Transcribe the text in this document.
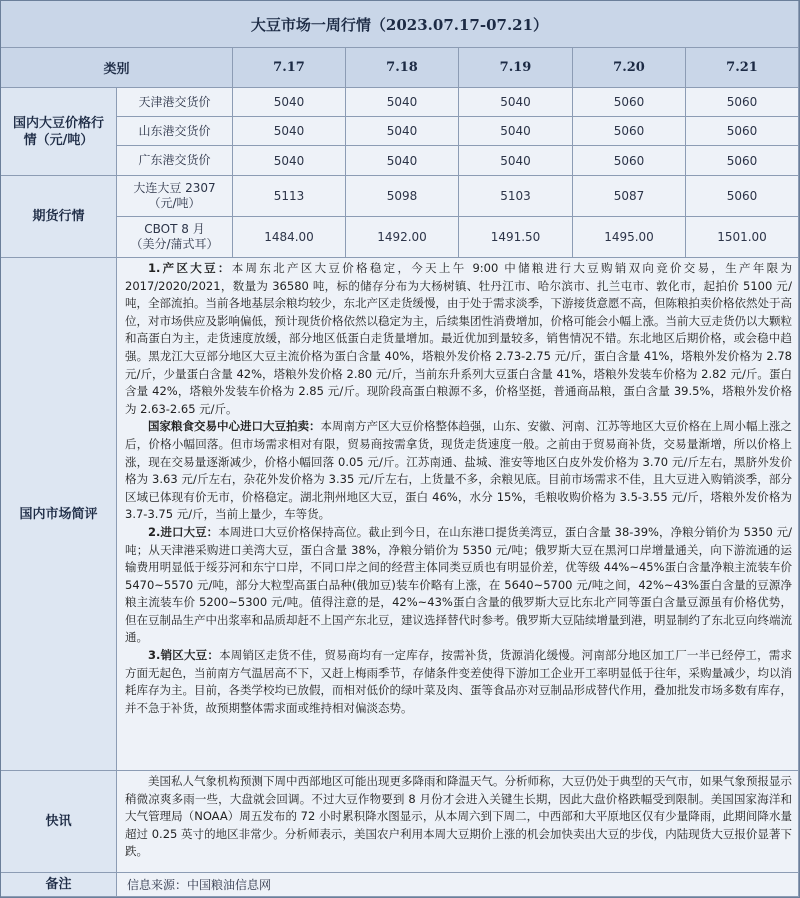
大豆市场一周行情（2023.07.17-07.21）
类别	7.17	7.18	7.19	7.20	7.21
国内大豆价格行情（元/吨）
天津港交货价	5040	5040	5040	5060	5060
山东港交货价	5040	5040	5040	5060	5060
广东港交货价	5040	5040	5040	5060	5060
期货行情
大连大豆 2307
（元/吨）	5113	5098	5103	5087	5060
CBOT 8 月
（美分/蒲式耳）	1484.00	1492.00	1491.50	1495.00	1501.00
国内市场简评

1.产区大豆：本周东北产区大豆价格稳定，今天上午 9:00 中储粮进行大豆购销双向竞价交易，生产年限为 2017/2020/2021，数量为 36580 吨，标的储存分布为大杨树镇、牡丹江市、哈尔滨市、扎兰屯市、敦化市，起拍价 5100 元/吨，全部流拍。当前各地基层余粮均较少，东北产区走货缓慢，由于处于需求淡季，下游接货意愿不高，但陈粮拍卖价格依然处于高位，对市场供应及影响偏低，预计现货价格依然以稳定为主，后续集团性消费增加，价格可能会小幅上涨。当前大豆走货仍以大颗粒和高蛋白为主，走货速度放缓，部分地区低蛋白走货量增加。最近优加到量较多，销售情况不错。东北地区后期价格，或会稳中趋强。黑龙江大豆部分地区大豆主流价格为蛋白含量 40%，塔粮外发价格 2.73-2.75 元/斤，蛋白含量 41%，塔粮外发价格为 2.78 元/斤，少量蛋白含量 42%，塔粮外发价格 2.80 元/斤，当前东升系列大豆蛋白含量 41%，塔粮外发装车价格为 2.82 元/斤。蛋白含量 42%，塔粮外发装车价格为 2.85 元/斤。现阶段高蛋白粮源不多，价格坚挺，普通商品粮，蛋白含量 39.5%，塔粮外发价格为 2.63-2.65 元/斤。

国家粮食交易中心进口大豆拍卖：本周南方产区大豆价格整体趋强，山东、安徽、河南、江苏等地区大豆价格在上周小幅上涨之后，价格小幅回落。但市场需求相对有限，贸易商按需拿货，现货走货速度一般。之前由于贸易商补货，交易量渐增，所以价格上涨，现在交易量逐渐减少，价格小幅回落 0.05 元/斤。江苏南通、盐城、淮安等地区白皮外发价格为 3.70 元/斤左右，黑脐外发价格为 3.63 元/斤左右，杂花外发价格为 3.35 元/斤左右，上货量不多，余粮见底。目前市场需求不佳，且大豆进入购销淡季，部分区域已体现有价无市，价格稳定。湖北荆州地区大豆，蛋白 46%，水分 15%，毛粮收购价格为 3.5-3.55 元/斤，塔粮外发价格为 3.7-3.75 元/斤，当前上量少，车等货。

2.进口大豆：本周进口大豆价格保持高位。截止到今日，在山东港口提货美湾豆，蛋白含量 38-39%，净粮分销价为 5350 元/吨；从天津港采购进口美湾大豆，蛋白含量 38%，净粮分销价为 5350 元/吨；俄罗斯大豆在黑河口岸增量通关，向下游流通的运输费用明显低于绥芬河和东宁口岸，不同口岸之间的经营主体同类豆质也有明显价差，优等级 44%~45%蛋白含量净粮主流装车价 5470~5570 元/吨，部分大粒型高蛋白品种(俄加豆)装车价略有上涨，在 5640~5700 元/吨之间，42%~43%蛋白含量的豆源净粮主流装车价 5200~5300 元/吨。值得注意的是，42%~43%蛋白含量的俄罗斯大豆比东北产同等蛋白含量豆源虽有价格优势，但在豆制品生产中出浆率和品质却赶不上国产东北豆，建议选择替代时参考。俄罗斯大豆陆续增量到港，明显制约了东北豆向终端流通。

3.销区大豆：本周销区走货不佳，贸易商均有一定库存，按需补货，货源消化缓慢。河南部分地区加工厂一半已经停工，需求方面无起色，当前南方气温居高不下，又赶上梅雨季节，存储条件变差使得下游加工企业开工率明显低于往年，采购量减少，均以消耗库存为主。目前，各类学校均已放假，而相对低价的绿叶菜及肉、蛋等食品亦对豆制品形成替代作用，叠加批发市场多数有库存，并不急于补货，故预期整体需求面或维持相对偏淡态势。

快讯

美国私人气象机构预测下周中西部地区可能出现更多降雨和降温天气。分析师称，大豆仍处于典型的天气市，如果气象预报显示稍微凉爽多雨一些，大盘就会回调。不过大豆作物要到 8 月份才会进入关键生长期，因此大盘价格跌幅受到限制。美国国家海洋和大气管理局（NOAA）周五发布的 72 小时累积降水图显示，从本周六到下周二，中西部和大平原地区仅有少量降雨，此期间降水量超过 0.25 英寸的地区非常少。分析师表示，美国农户利用本周大豆期价上涨的机会加快卖出大豆的步伐，内陆现货大豆报价显著下跌。

备注	信息来源：中国粮油信息网
